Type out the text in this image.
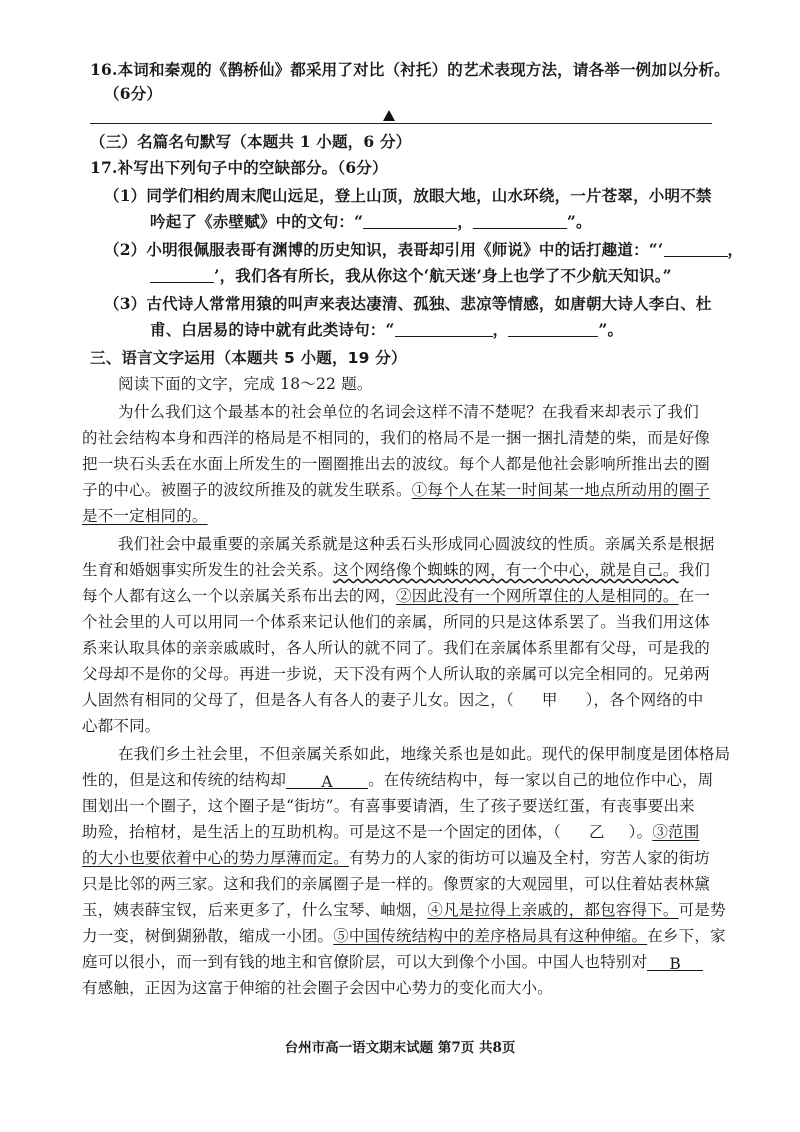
16.本词和秦观的《鹊桥仙》都采用了对比（衬托）的艺术表现方法，请各举一例加以分析。
（6分）
（三）名篇名句默写（本题共 1 小题，6 分）
17.补写出下列句子中的空缺部分。（6分）
（1）同学们相约周末爬山远足，登上山顶，放眼大地，山水环绕，一片苍翠，小明不禁
吟起了《赤壁赋》中的文句：“	，	”。
（2）小明很佩服表哥有渊博的历史知识，表哥却引用《师说》中的话打趣道：“‘	，
’，我们各有所长，我从你这个‘航天迷’身上也学了不少航天知识。”
（3）古代诗人常常用猿的叫声来表达凄清、孤独、悲凉等情感，如唐朝大诗人李白、杜
甫、白居易的诗中就有此类诗句：“	，	”。
三、语言文字运用（本题共 5 小题，19 分）
阅读下面的文字，完成 18～22 题。
为什么我们这个最基本的社会单位的名词会这样不清不楚呢？在我看来却表示了我们
的社会结构本身和西洋的格局是不相同的，我们的格局不是一捆一捆扎清楚的柴，而是好像
把一块石头丢在水面上所发生的一圈圈推出去的波纹。每个人都是他社会影响所推出去的圈
子的中心。被圈子的波纹所推及的就发生联系。①每个人在某一时间某一地点所动用的圈子
是不一定相同的。
我们社会中最重要的亲属关系就是这种丢石头形成同心圆波纹的性质。亲属关系是根据
生育和婚姻事实所发生的社会关系。这个网络像个蜘蛛的网，有一个中心，就是自己。我们
每个人都有这么一个以亲属关系布出去的网，②因此没有一个网所罩住的人是相同的。在一
个社会里的人可以用同一个体系来记认他们的亲属，所同的只是这体系罢了。当我们用这体
系来认取具体的亲亲戚戚时，各人所认的就不同了。我们在亲属体系里都有父母，可是我的
父母却不是你的父母。再进一步说，天下没有两个人所认取的亲属可以完全相同的。兄弟两
人固然有相同的父母了，但是各人有各人的妻子儿女。因之，（ 甲 ），各个网络的中
心都不同。
在我们乡土社会里，不但亲属关系如此，地缘关系也是如此。现代的保甲制度是团体格局
性的，但是这和传统的结构却 A 。在传统结构中，每一家以自己的地位作中心，周
围划出一个圈子，这个圈子是“街坊”。有喜事要请酒，生了孩子要送红蛋，有丧事要出来
助殓，抬棺材，是生活上的互助机构。可是这不是一个固定的团体，（ 乙 ）。③范围
的大小也要依着中心的势力厚薄而定。有势力的人家的街坊可以遍及全村，穷苦人家的街坊
只是比邻的两三家。这和我们的亲属圈子是一样的。像贾家的大观园里，可以住着姑表林黛
玉，姨表薛宝钗，后来更多了，什么宝琴、岫烟，④凡是拉得上亲戚的，都包容得下。可是势
力一变，树倒猢狲散，缩成一小团。⑤中国传统结构中的差序格局具有这种伸缩。在乡下，家
庭可以很小，而一到有钱的地主和官僚阶层，可以大到像个小国。中国人也特别对 B
有感触，正因为这富于伸缩的社会圈子会因中心势力的变化而大小。
台州市高一语文期末试题 第7页 共8页
